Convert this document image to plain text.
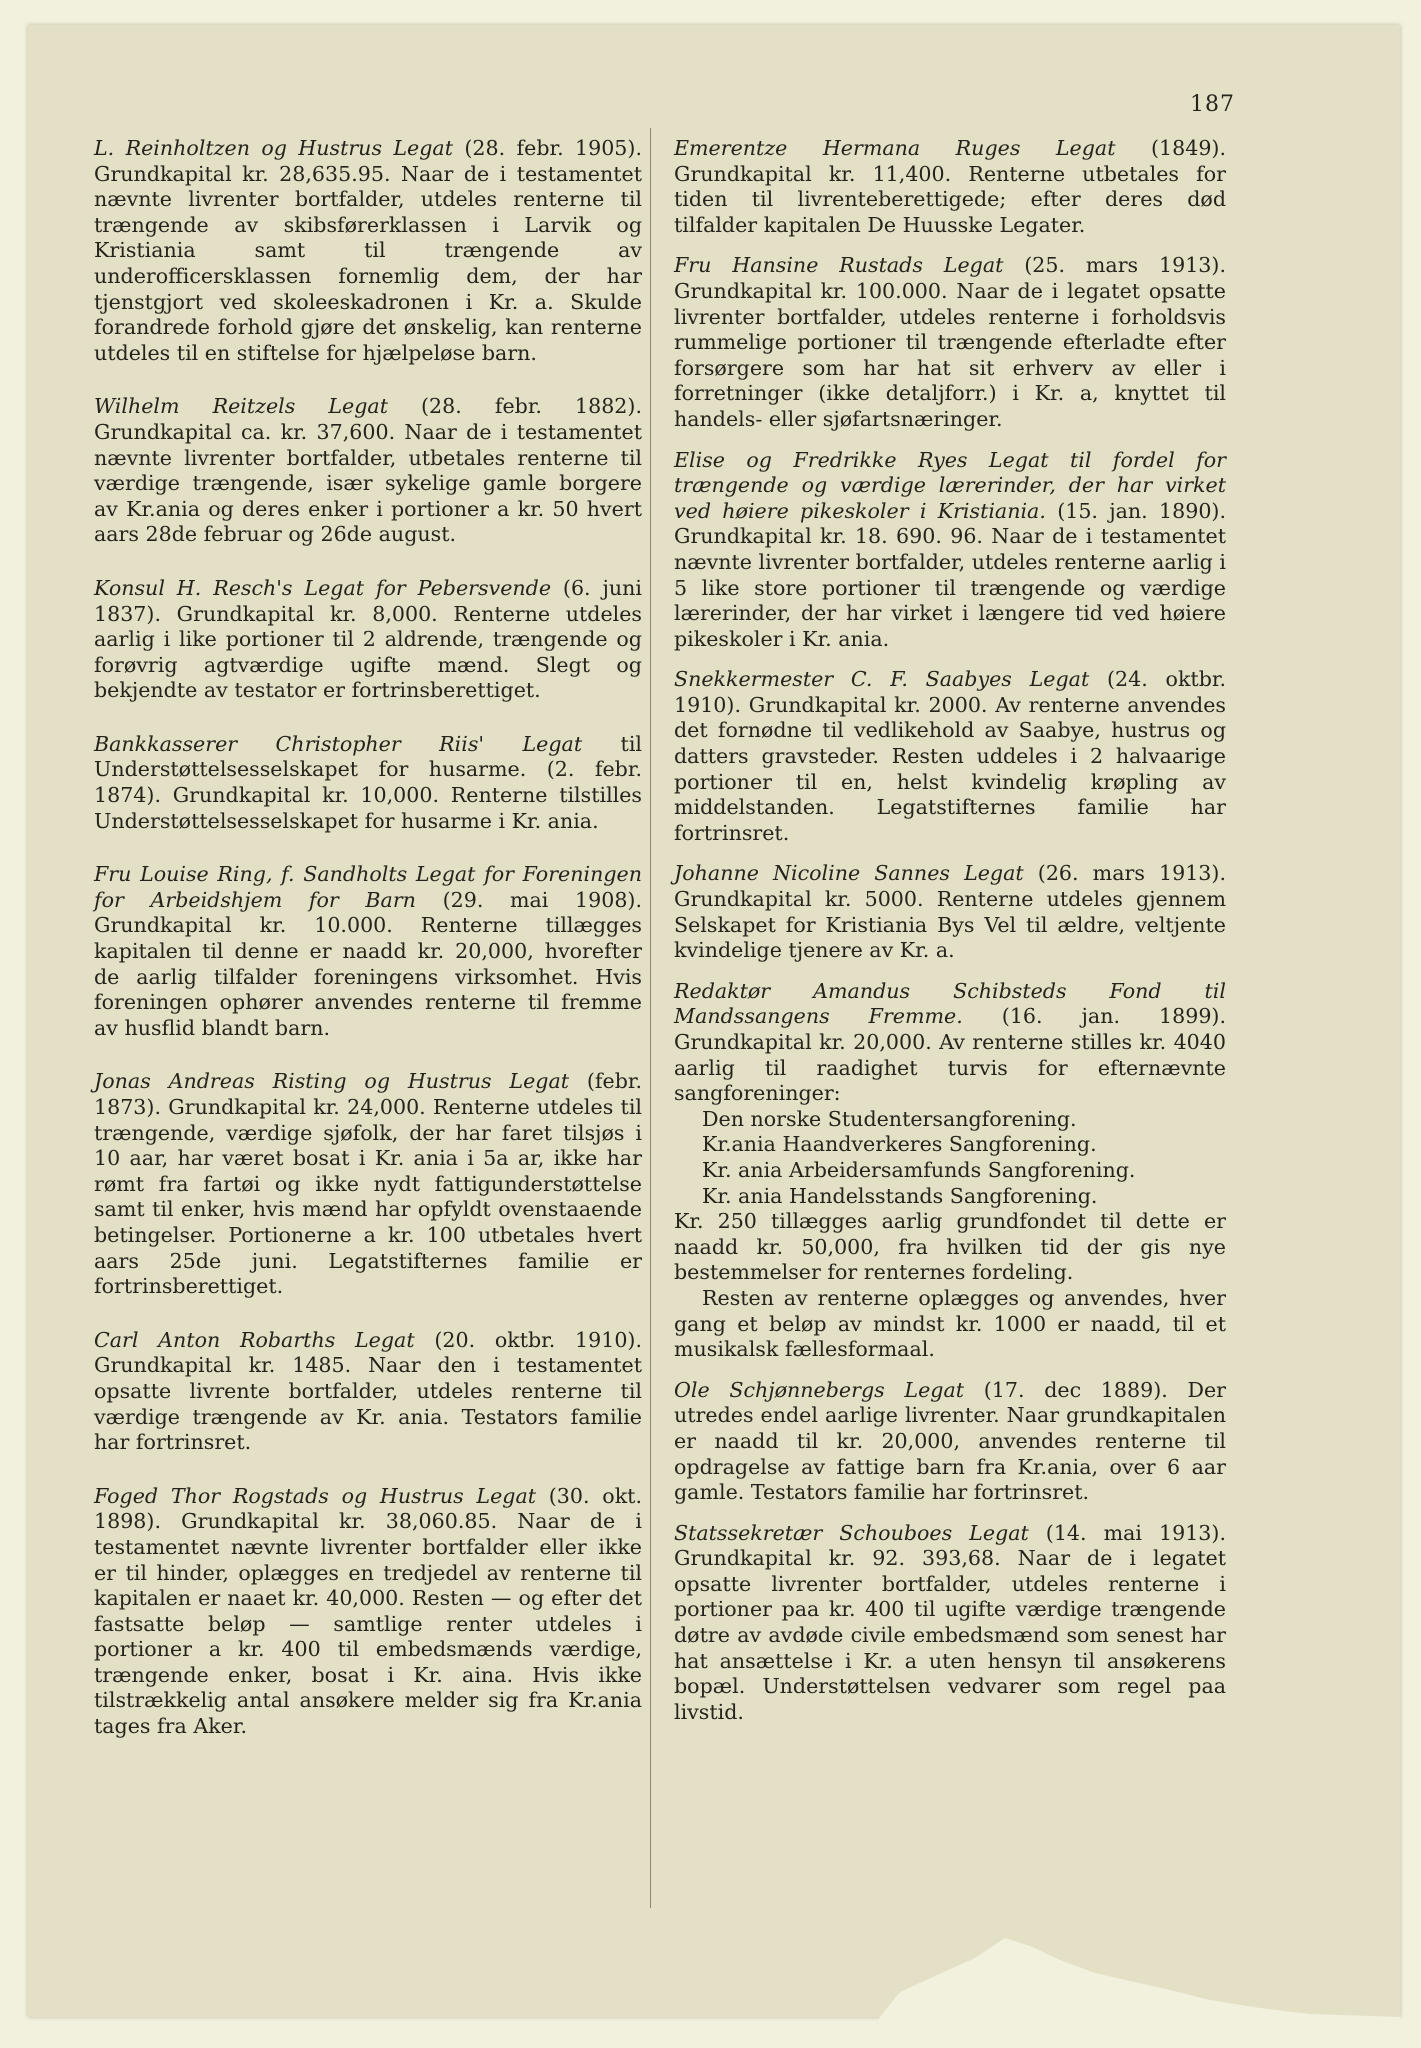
187

L. Reinholtzen og Hustrus Legat (28. febr. 1905). Grundkapital kr. 28,635.95. Naar de i testamentet nævnte livrenter bortfalder, utdeles renterne til trængende av skibsførerklassen i Larvik og Kristiania samt til trængende av underofficersklassen fornemlig dem, der har tjenstgjort ved skoleeskadronen i Kr. a. Skulde forandrede forhold gjøre det ønskelig, kan renterne utdeles til en stiftelse for hjælpeløse barn.

Wilhelm Reitzels Legat (28. febr. 1882). Grundkapital ca. kr. 37,600. Naar de i testamentet nævnte livrenter bortfalder, utbetales renterne til værdige trængende, især sykelige gamle borgere av Kr.ania og deres enker i portioner a kr. 50 hvert aars 28de februar og 26de august.

Konsul H. Resch's Legat for Pebersvende (6. juni 1837). Grundkapital kr. 8,000. Renterne utdeles aarlig i like portioner til 2 aldrende, trængende og forøvrig agtværdige ugifte mænd. Slegt og bekjendte av testator er fortrinsberettiget.

Bankkasserer Christopher Riis' Legat til Understøttelsesselskapet for husarme. (2. febr. 1874). Grundkapital kr. 10,000. Renterne tilstilles Understøttelsesselskapet for husarme i Kr. ania.

Fru Louise Ring, f. Sandholts Legat for Foreningen for Arbeidshjem for Barn (29. mai 1908). Grundkapital kr. 10.000. Renterne tillægges kapitalen til denne er naadd kr. 20,000, hvorefter de aarlig tilfalder foreningens virksomhet. Hvis foreningen ophører anvendes renterne til fremme av husflid blandt barn.

Jonas Andreas Risting og Hustrus Legat (febr. 1873). Grundkapital kr. 24,000. Renterne utdeles til trængende, værdige sjøfolk, der har faret tilsjøs i 10 aar, har været bosat i Kr. ania i 5a ar, ikke har rømt fra fartøi og ikke nydt fattigunderstøttelse samt til enker, hvis mænd har opfyldt ovenstaaende betingelser. Portionerne a kr. 100 utbetales hvert aars 25de juni. Legatstifternes familie er fortrinsberettiget.

Carl Anton Robarths Legat (20. oktbr. 1910). Grundkapital kr. 1485. Naar den i testamentet opsatte livrente bortfalder, utdeles renterne til værdige trængende av Kr. ania. Testators familie har fortrinsret.

Foged Thor Rogstads og Hustrus Legat (30. okt. 1898). Grundkapital kr. 38,060.85. Naar de i testamentet nævnte livrenter bortfalder eller ikke er til hinder, oplægges en tredjedel av renterne til kapitalen er naaet kr. 40,000. Resten — og efter det fastsatte beløp — samtlige renter utdeles i portioner a kr. 400 til embedsmænds værdige, trængende enker, bosat i Kr. aina. Hvis ikke tilstrækkelig antal ansøkere melder sig fra Kr.ania tages fra Aker.

Emerentze Hermana Ruges Legat (1849). Grundkapital kr. 11,400. Renterne utbetales for tiden til livrenteberettigede; efter deres død tilfalder kapitalen De Huusske Legater.

Fru Hansine Rustads Legat (25. mars 1913). Grundkapital kr. 100.000. Naar de i legatet opsatte livrenter bortfalder, utdeles renterne i forholdsvis rummelige portioner til trængende efterladte efter forsørgere som har hat sit erhverv av eller i forretninger (ikke detaljforr.) i Kr. a, knyttet til handels- eller sjøfartsnæringer.

Elise og Fredrikke Ryes Legat til fordel for trængende og værdige lærerinder, der har virket ved høiere pikeskoler i Kristiania. (15. jan. 1890). Grundkapital kr. 18. 690. 96. Naar de i testamentet nævnte livrenter bortfalder, utdeles renterne aarlig i 5 like store portioner til trængende og værdige lærerinder, der har virket i længere tid ved høiere pikeskoler i Kr. ania.

Snekkermester C. F. Saabyes Legat (24. oktbr. 1910). Grundkapital kr. 2000. Av renterne anvendes det fornødne til vedlikehold av Saabye, hustrus og datters gravsteder. Resten uddeles i 2 halvaarige portioner til en, helst kvindelig krøpling av middelstanden. Legatstifternes familie har fortrinsret.

Johanne Nicoline Sannes Legat (26. mars 1913). Grundkapital kr. 5000. Renterne utdeles gjennem Selskapet for Kristiania Bys Vel til ældre, veltjente kvindelige tjenere av Kr. a.

Redaktør Amandus Schibsteds Fond til Mandssangens Fremme. (16. jan. 1899). Grundkapital kr. 20,000. Av renterne stilles kr. 4040 aarlig til raadighet turvis for efternævnte sangforeninger:
Den norske Studentersangforening.
Kr.ania Haandverkeres Sangforening.
Kr. ania Arbeidersamfunds Sangforening.
Kr. ania Handelsstands Sangforening.
Kr. 250 tillægges aarlig grundfondet til dette er naadd kr. 50,000, fra hvilken tid der gis nye bestemmelser for renternes fordeling.
Resten av renterne oplægges og anvendes, hver gang et beløp av mindst kr. 1000 er naadd, til et musikalsk fællesformaal.

Ole Schjønnebergs Legat (17. dec 1889). Der utredes endel aarlige livrenter. Naar grundkapitalen er naadd til kr. 20,000, anvendes renterne til opdragelse av fattige barn fra Kr.ania, over 6 aar gamle. Testators familie har fortrinsret.

Statssekretær Schouboes Legat (14. mai 1913). Grundkapital kr. 92. 393,68. Naar de i legatet opsatte livrenter bortfalder, utdeles renterne i portioner paa kr. 400 til ugifte værdige trængende døtre av avdøde civile embedsmænd som senest har hat ansættelse i Kr. a uten hensyn til ansøkerens bopæl. Understøttelsen vedvarer som regel paa livstid.
